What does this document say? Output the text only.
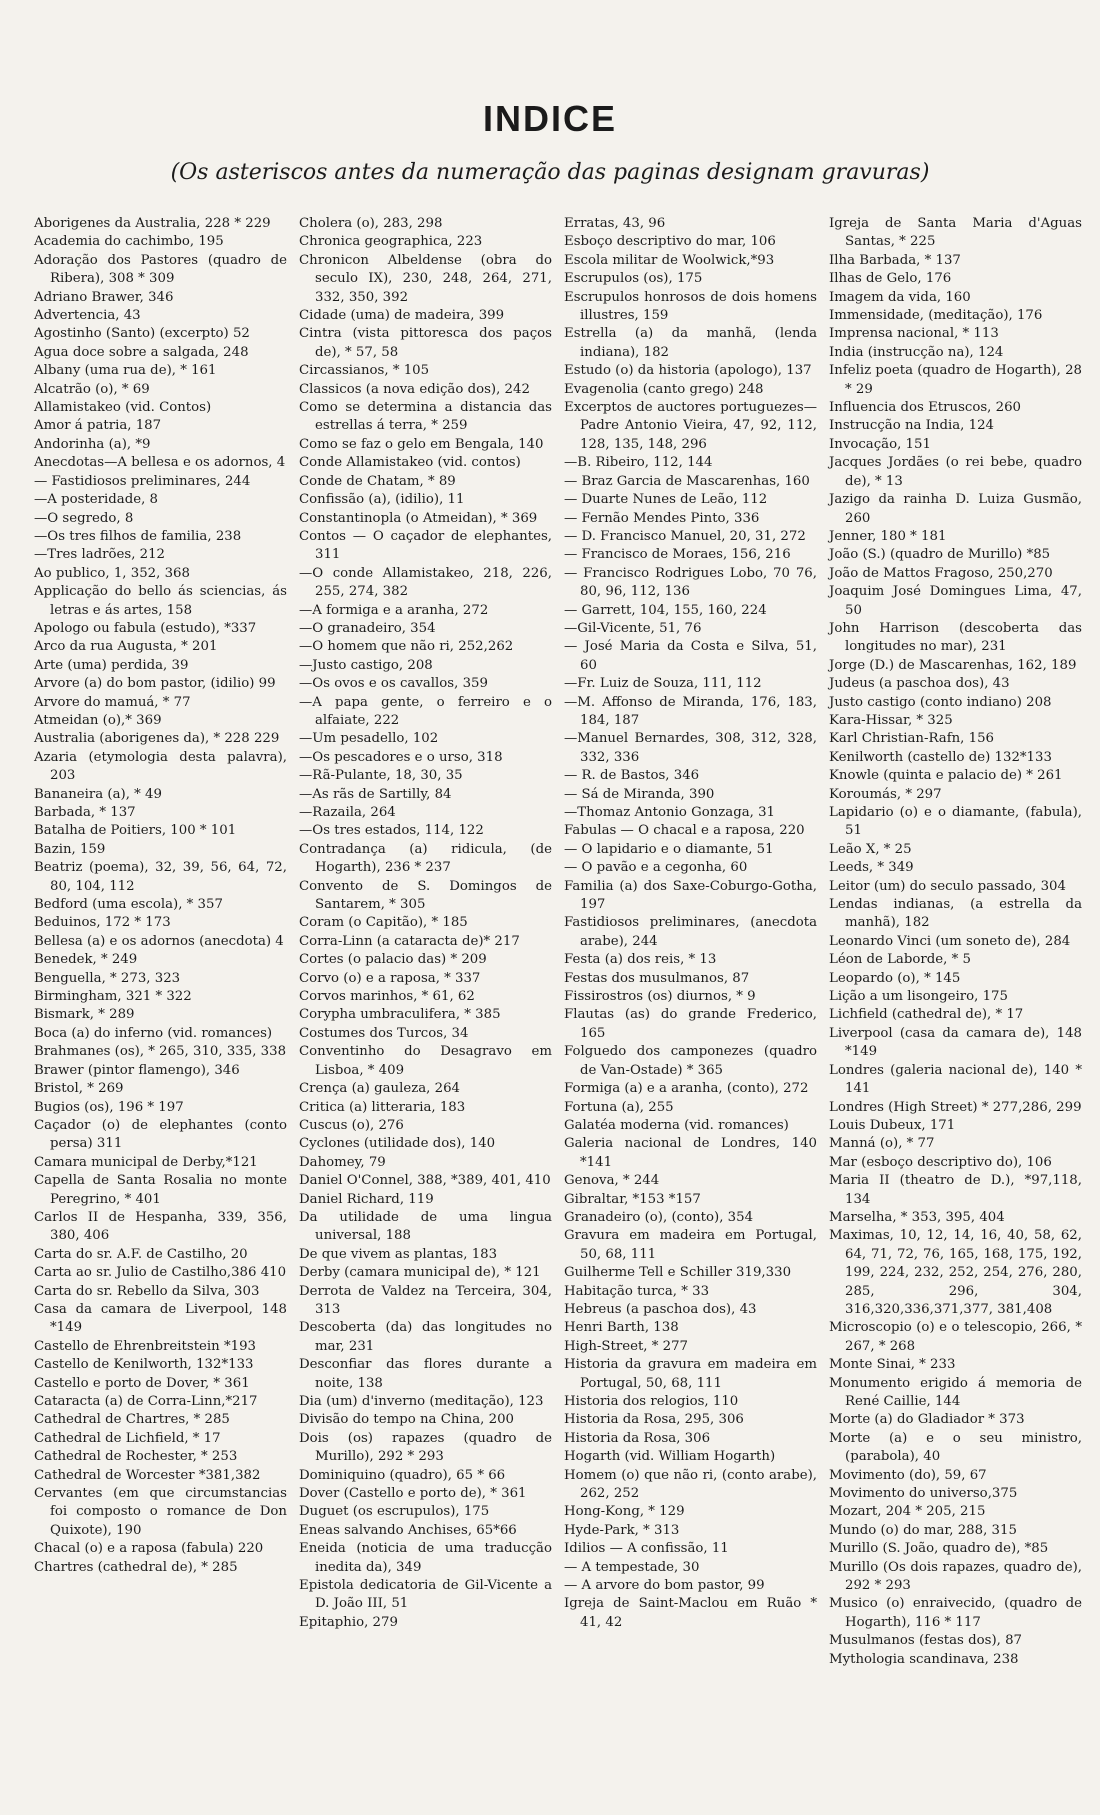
INDICE
(Os asteriscos antes da numeração das paginas designam gravuras)

Aborigenes da Australia, 228 * 229

Academia do cachimbo, 195

Adoração dos Pastores (quadro de Ribera), 308 * 309

Adriano Brawer, 346

Advertencia, 43

Agostinho (Santo) (excerpto) 52

Agua doce sobre a salgada, 248

Albany (uma rua de), * 161

Alcatrão (o), * 69

Allamistakeo (vid. Contos)

Amor á patria, 187

Andorinha (a), *9

Anecdotas—A bellesa e os adornos, 4

— Fastidiosos preliminares, 244

—A posteridade, 8

—O segredo, 8

—Os tres filhos de familia, 238

—Tres ladrões, 212

Ao publico, 1, 352, 368

Applicação do bello ás sciencias, ás letras e ás artes, 158

Apologo ou fabula (estudo), *337

Arco da rua Augusta, * 201

Arte (uma) perdida, 39

Arvore (a) do bom pastor, (idilio) 99

Arvore do mamuá, * 77

Atmeidan (o),* 369

Australia (aborigenes da), * 228 229

Azaria (etymologia desta palavra), 203

Bananeira (a), * 49

Barbada, * 137

Batalha de Poitiers, 100 * 101

Bazin, 159

Beatriz (poema), 32, 39, 56, 64, 72, 80, 104, 112

Bedford (uma escola), * 357

Beduinos, 172 * 173

Bellesa (a) e os adornos (anecdota) 4

Benedek, * 249

Benguella, * 273, 323

Birmingham, 321 * 322

Bismark, * 289

Boca (a) do inferno (vid. romances)

Brahmanes (os), * 265, 310, 335, 338

Brawer (pintor flamengo), 346

Bristol, * 269

Bugios (os), 196 * 197

Caçador (o) de elephantes (conto persa) 311

Camara municipal de Derby,*121

Capella de Santa Rosalia no monte Peregrino, * 401

Carlos II de Hespanha, 339, 356, 380, 406

Carta do sr. A.F. de Castilho, 20

Carta ao sr. Julio de Castilho,386 410

Carta do sr. Rebello da Silva, 303

Casa da camara de Liverpool, 148 *149

Castello de Ehrenbreitstein *193

Castello de Kenilworth, 132*133

Castello e porto de Dover, * 361

Cataracta (a) de Corra-Linn,*217

Cathedral de Chartres, * 285

Cathedral de Lichfield, * 17

Cathedral de Rochester, * 253

Cathedral de Worcester *381,382

Cervantes (em que circumstancias foi composto o romance de Don Quixote), 190

Chacal (o) e a raposa (fabula) 220

Chartres (cathedral de), * 285

Cholera (o), 283, 298

Chronica geographica, 223

Chronicon Albeldense (obra do seculo IX), 230, 248, 264, 271, 332, 350, 392

Cidade (uma) de madeira, 399

Cintra (vista pittoresca dos paços de), * 57, 58

Circassianos, * 105

Classicos (a nova edição dos), 242

Como se determina a distancia das estrellas á terra, * 259

Como se faz o gelo em Bengala, 140

Conde Allamistakeo (vid. contos)

Conde de Chatam, * 89

Confissão (a), (idilio), 11

Constantinopla (o Atmeidan), * 369

Contos — O caçador de elephantes, 311

—O conde Allamistakeo, 218, 226, 255, 274, 382

—A formiga e a aranha, 272

—O granadeiro, 354

—O homem que não ri, 252,262

—Justo castigo, 208

—Os ovos e os cavallos, 359

—A papa gente, o ferreiro e o alfaiate, 222

—Um pesadello, 102

—Os pescadores e o urso, 318

—Rã-Pulante, 18, 30, 35

—As rãs de Sartilly, 84

—Razaila, 264

—Os tres estados, 114, 122

Contradança (a) ridicula, (de Hogarth), 236 * 237

Convento de S. Domingos de Santarem, * 305

Coram (o Capitão), * 185

Corra-Linn (a cataracta de)* 217

Cortes (o palacio das) * 209

Corvo (o) e a raposa, * 337

Corvos marinhos, * 61, 62

Corypha umbraculifera, * 385

Costumes dos Turcos, 34

Conventinho do Desagravo em Lisboa, * 409

Crença (a) gauleza, 264

Critica (a) litteraria, 183

Cuscus (o), 276

Cyclones (utilidade dos), 140

Dahomey, 79

Daniel O'Connel, 388, *389, 401, 410

Daniel Richard, 119

Da utilidade de uma lingua universal, 188

De que vivem as plantas, 183

Derby (camara municipal de), * 121

Derrota de Valdez na Terceira, 304, 313

Descoberta (da) das longitudes no mar, 231

Desconfiar das flores durante a noite, 138

Dia (um) d'inverno (meditação), 123

Divisão do tempo na China, 200

Dois (os) rapazes (quadro de Murillo), 292 * 293

Dominiquino (quadro), 65 * 66

Dover (Castello e porto de), * 361

Duguet (os escrupulos), 175

Eneas salvando Anchises, 65*66

Eneida (noticia de uma traducção inedita da), 349

Epistola dedicatoria de Gil-Vicente a D. João III, 51

Epitaphio, 279

Erratas, 43, 96

Esboço descriptivo do mar, 106

Escola militar de Woolwick,*93

Escrupulos (os), 175

Escrupulos honrosos de dois homens illustres, 159

Estrella (a) da manhã, (lenda indiana), 182

Estudo (o) da historia (apologo), 137

Evagenolia (canto grego) 248

Excerptos de auctores portuguezes—Padre Antonio Vieira, 47, 92, 112, 128, 135, 148, 296

—B. Ribeiro, 112, 144

— Braz Garcia de Mascarenhas, 160

— Duarte Nunes de Leão, 112

— Fernão Mendes Pinto, 336

— D. Francisco Manuel, 20, 31, 272

— Francisco de Moraes, 156, 216

— Francisco Rodrigues Lobo, 70 76, 80, 96, 112, 136

— Garrett, 104, 155, 160, 224

—Gil-Vicente, 51, 76

— José Maria da Costa e Silva, 51, 60

—Fr. Luiz de Souza, 111, 112

—M. Affonso de Miranda, 176, 183, 184, 187

—Manuel Bernardes, 308, 312, 328, 332, 336

— R. de Bastos, 346

— Sá de Miranda, 390

—Thomaz Antonio Gonzaga, 31

Fabulas — O chacal e a raposa, 220

— O lapidario e o diamante, 51

— O pavão e a cegonha, 60

Familia (a) dos Saxe-Coburgo-Gotha, 197

Fastidiosos preliminares, (anecdota arabe), 244

Festa (a) dos reis, * 13

Festas dos musulmanos, 87

Fissirostros (os) diurnos, * 9

Flautas (as) do grande Frederico, 165

Folguedo dos camponezes (quadro de Van-Ostade) * 365

Formiga (a) e a aranha, (conto), 272

Fortuna (a), 255

Galatéa moderna (vid. romances)

Galeria nacional de Londres, 140 *141

Genova, * 244

Gibraltar, *153 *157

Granadeiro (o), (conto), 354

Gravura em madeira em Portugal, 50, 68, 111

Guilherme Tell e Schiller 319,330

Habitação turca, * 33

Hebreus (a paschoa dos), 43

Henri Barth, 138

High-Street, * 277

Historia da gravura em madeira em Portugal, 50, 68, 111

Historia dos relogios, 110

Historia da Rosa, 295, 306

Historia da Rosa, 306

Hogarth (vid. William Hogarth)

Homem (o) que não ri, (conto arabe), 262, 252

Hong-Kong, * 129

Hyde-Park, * 313

Idilios — A confissão, 11

— A tempestade, 30

— A arvore do bom pastor, 99

Igreja de Saint-Maclou em Ruão * 41, 42

Igreja de Santa Maria d'Aguas Santas, * 225

Ilha Barbada, * 137

Ilhas de Gelo, 176

Imagem da vida, 160

Immensidade, (meditação), 176

Imprensa nacional, * 113

India (instrucção na), 124

Infeliz poeta (quadro de Hogarth), 28 * 29

Influencia dos Etruscos, 260

Instrucção na India, 124

Invocação, 151

Jacques Jordães (o rei bebe, quadro de), * 13

Jazigo da rainha D. Luiza Gusmão, 260

Jenner, 180 * 181

João (S.) (quadro de Murillo) *85

João de Mattos Fragoso, 250,270

Joaquim José Domingues Lima, 47, 50

John Harrison (descoberta das longitudes no mar), 231

Jorge (D.) de Mascarenhas, 162, 189

Judeus (a paschoa dos), 43

Justo castigo (conto indiano) 208

Kara-Hissar, * 325

Karl Christian-Rafn, 156

Kenilworth (castello de) 132*133

Knowle (quinta e palacio de) * 261

Koroumás, * 297

Lapidario (o) e o diamante, (fabula), 51

Leão X, * 25

Leeds, * 349

Leitor (um) do seculo passado, 304

Lendas indianas, (a estrella da manhã), 182

Leonardo Vinci (um soneto de), 284

Léon de Laborde, * 5

Leopardo (o), * 145

Lição a um lisongeiro, 175

Lichfield (cathedral de), * 17

Liverpool (casa da camara de), 148 *149

Londres (galeria nacional de), 140 * 141

Londres (High Street) * 277,286, 299

Louis Dubeux, 171

Manná (o), * 77

Mar (esboço descriptivo do), 106

Maria II (theatro de D.), *97,118, 134

Marselha, * 353, 395, 404

Maximas, 10, 12, 14, 16, 40, 58, 62, 64, 71, 72, 76, 165, 168, 175, 192, 199, 224, 232, 252, 254, 276, 280, 285, 296, 304, 316,320,336,371,377, 381,408

Microscopio (o) e o telescopio, 266, * 267, * 268

Monte Sinai, * 233

Monumento erigido á memoria de René Caillie, 144

Morte (a) do Gladiador * 373

Morte (a) e o seu ministro, (parabola), 40

Movimento (do), 59, 67

Movimento do universo,375

Mozart, 204 * 205, 215

Mundo (o) do mar, 288, 315

Murillo (S. João, quadro de), *85

Murillo (Os dois rapazes, quadro de), 292 * 293

Musico (o) enraivecido, (quadro de Hogarth), 116 * 117

Musulmanos (festas dos), 87

Mythologia scandinava, 238
